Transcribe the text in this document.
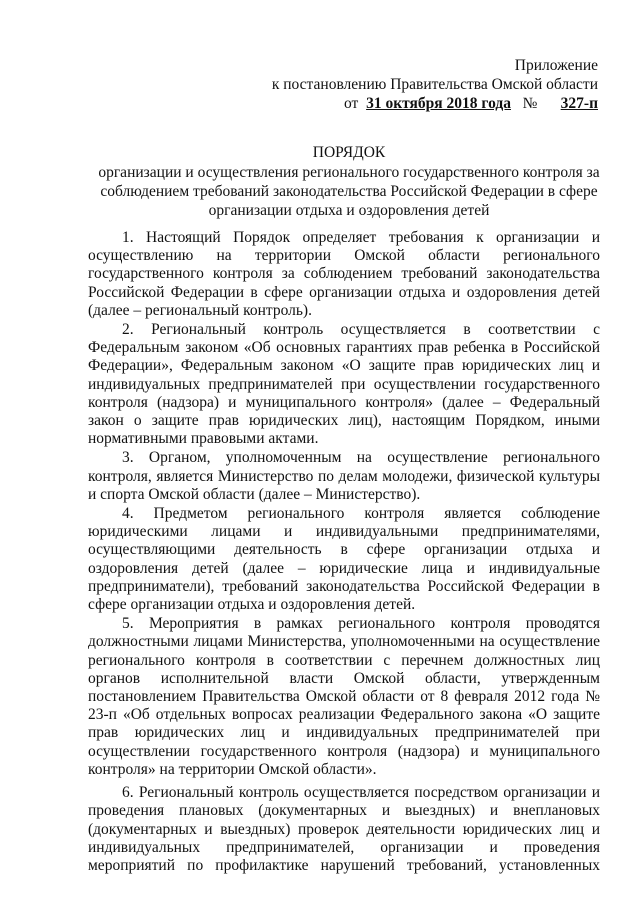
Приложение
к постановлению Правительства Омской области
от 31 октября 2018 года № 327-п
ПОРЯДОК
организации и осуществления регионального государственного контроля за соблюдением требований законодательства Российской Федерации в сфере организации отдыха и оздоровления детей

1. Настоящий Порядок определяет требования к организации и осуществлению на территории Омской области регионального государственного контроля за соблюдением требований законодательства Российской Федерации в сфере организации отдыха и оздоровления детей (далее – региональный контроль).

2. Региональный контроль осуществляется в соответствии с Федеральным законом «Об основных гарантиях прав ребенка в Российской Федерации», Федеральным законом «О защите прав юридических лиц и индивидуальных предпринимателей при осуществлении государственного контроля (надзора) и муниципального контроля» (далее – Федеральный закон о защите прав юридических лиц), настоящим Порядком, иными нормативными правовыми актами.

3. Органом, уполномоченным на осуществление регионального контроля, является Министерство по делам молодежи, физической культуры и спорта Омской области (далее – Министерство).

4. Предметом регионального контроля является соблюдение юридическими лицами и индивидуальными предпринимателями, осуществляющими деятельность в сфере организации отдыха и оздоровления детей (далее – юридические лица и индивидуальные предприниматели), требований законодательства Российской Федерации в сфере организации отдыха и оздоровления детей.

5. Мероприятия в рамках регионального контроля проводятся должностными лицами Министерства, уполномоченными на осуществление регионального контроля в соответствии с перечнем должностных лиц органов исполнительной власти Омской области, утвержденным постановлением Правительства Омской области от 8 февраля 2012 года № 23-п «Об отдельных вопросах реализации Федерального закона «О защите прав юридических лиц и индивидуальных предпринимателей при осуществлении государственного контроля (надзора) и муниципального контроля» на территории Омской области».

6. Региональный контроль осуществляется посредством организации и проведения плановых (документарных и выездных) и внеплановых (документарных и выездных) проверок деятельности юридических лиц и индивидуальных предпринимателей, организации и проведения мероприятий по профилактике нарушений требований, установленных
